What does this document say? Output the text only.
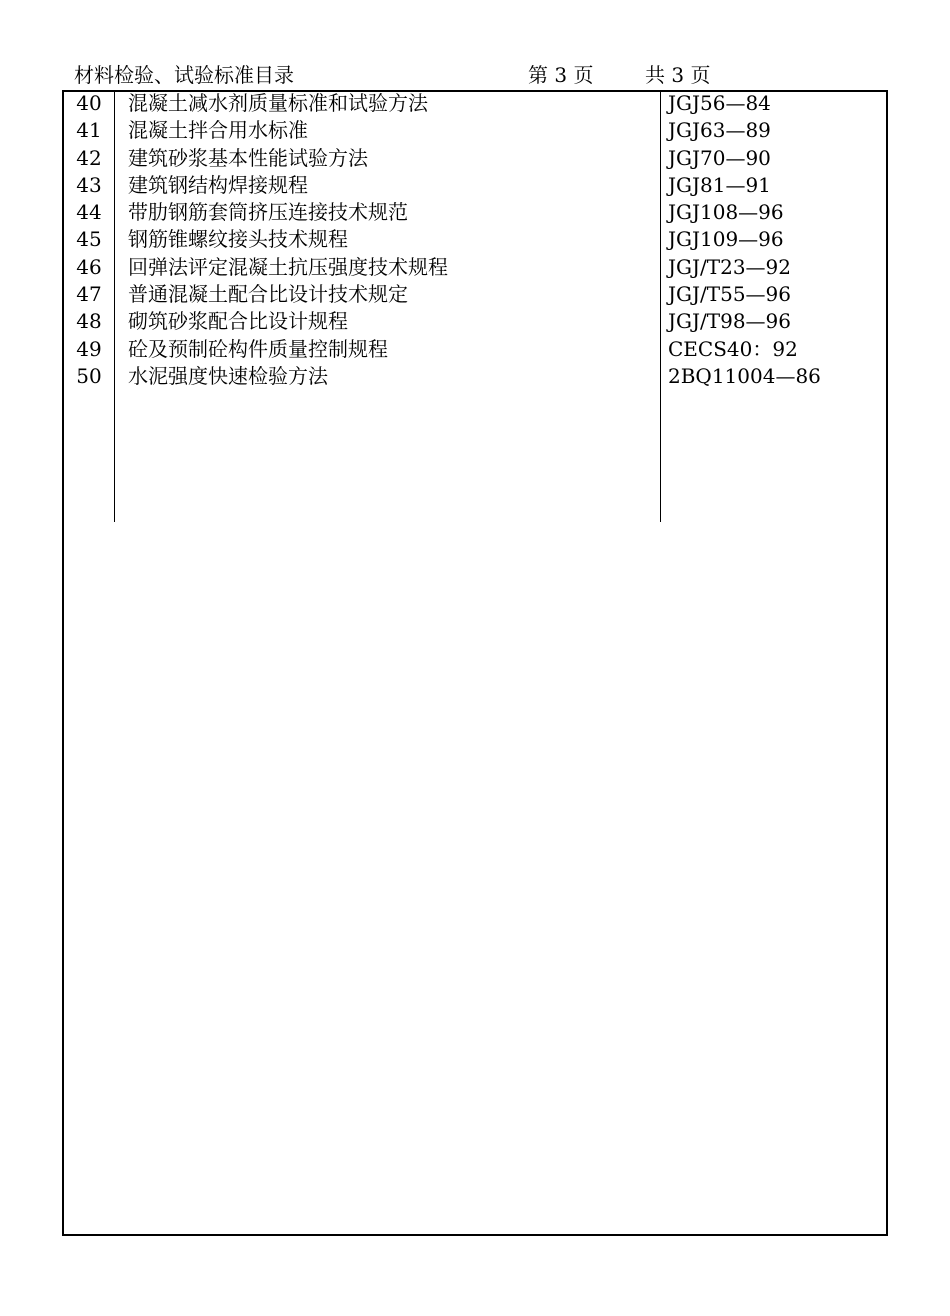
材料检验、试验标准目录	第 3 页	共 3 页
40	混凝土减水剂质量标准和试验方法	JGJ56—84
41	混凝土拌合用水标准	JGJ63—89
42	建筑砂浆基本性能试验方法	JGJ70—90
43	建筑钢结构焊接规程	JGJ81—91
44	带肋钢筋套筒挤压连接技术规范	JGJ108—96
45	钢筋锥螺纹接头技术规程	JGJ109—96
46	回弹法评定混凝土抗压强度技术规程	JGJ/T23—92
47	普通混凝土配合比设计技术规定	JGJ/T55—96
48	砌筑砂浆配合比设计规程	JGJ/T98—96
49	砼及预制砼构件质量控制规程	CECS40：92
50	水泥强度快速检验方法	2BQ11004—86
